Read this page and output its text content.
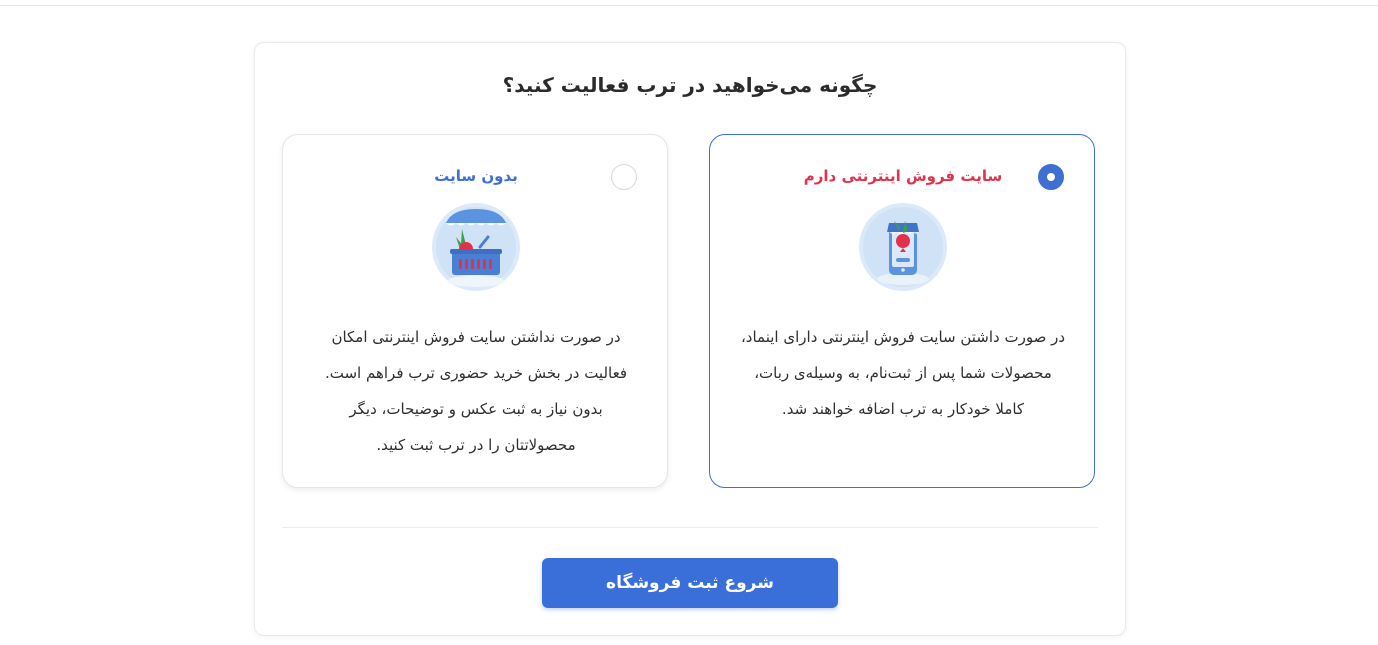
چگونه می‌خواهید در ترب فعالیت کنید؟
سایت فروش اینترنتی دارم
در صورت داشتن سایت فروش اینترنتی دارای اینماد،
محصولات شما پس از ثبت‌نام، به وسیله‌ی ربات،
کاملا خودکار به ترب اضافه خواهند شد.
بدون سایت
در صورت نداشتن سایت فروش اینترنتی امکان
فعالیت در بخش خرید حضوری ترب فراهم است.
بدون نیاز به ثبت عکس و توضیحات، دیگر
محصولاتتان را در ترب ثبت کنید.
شروع ثبت فروشگاه
